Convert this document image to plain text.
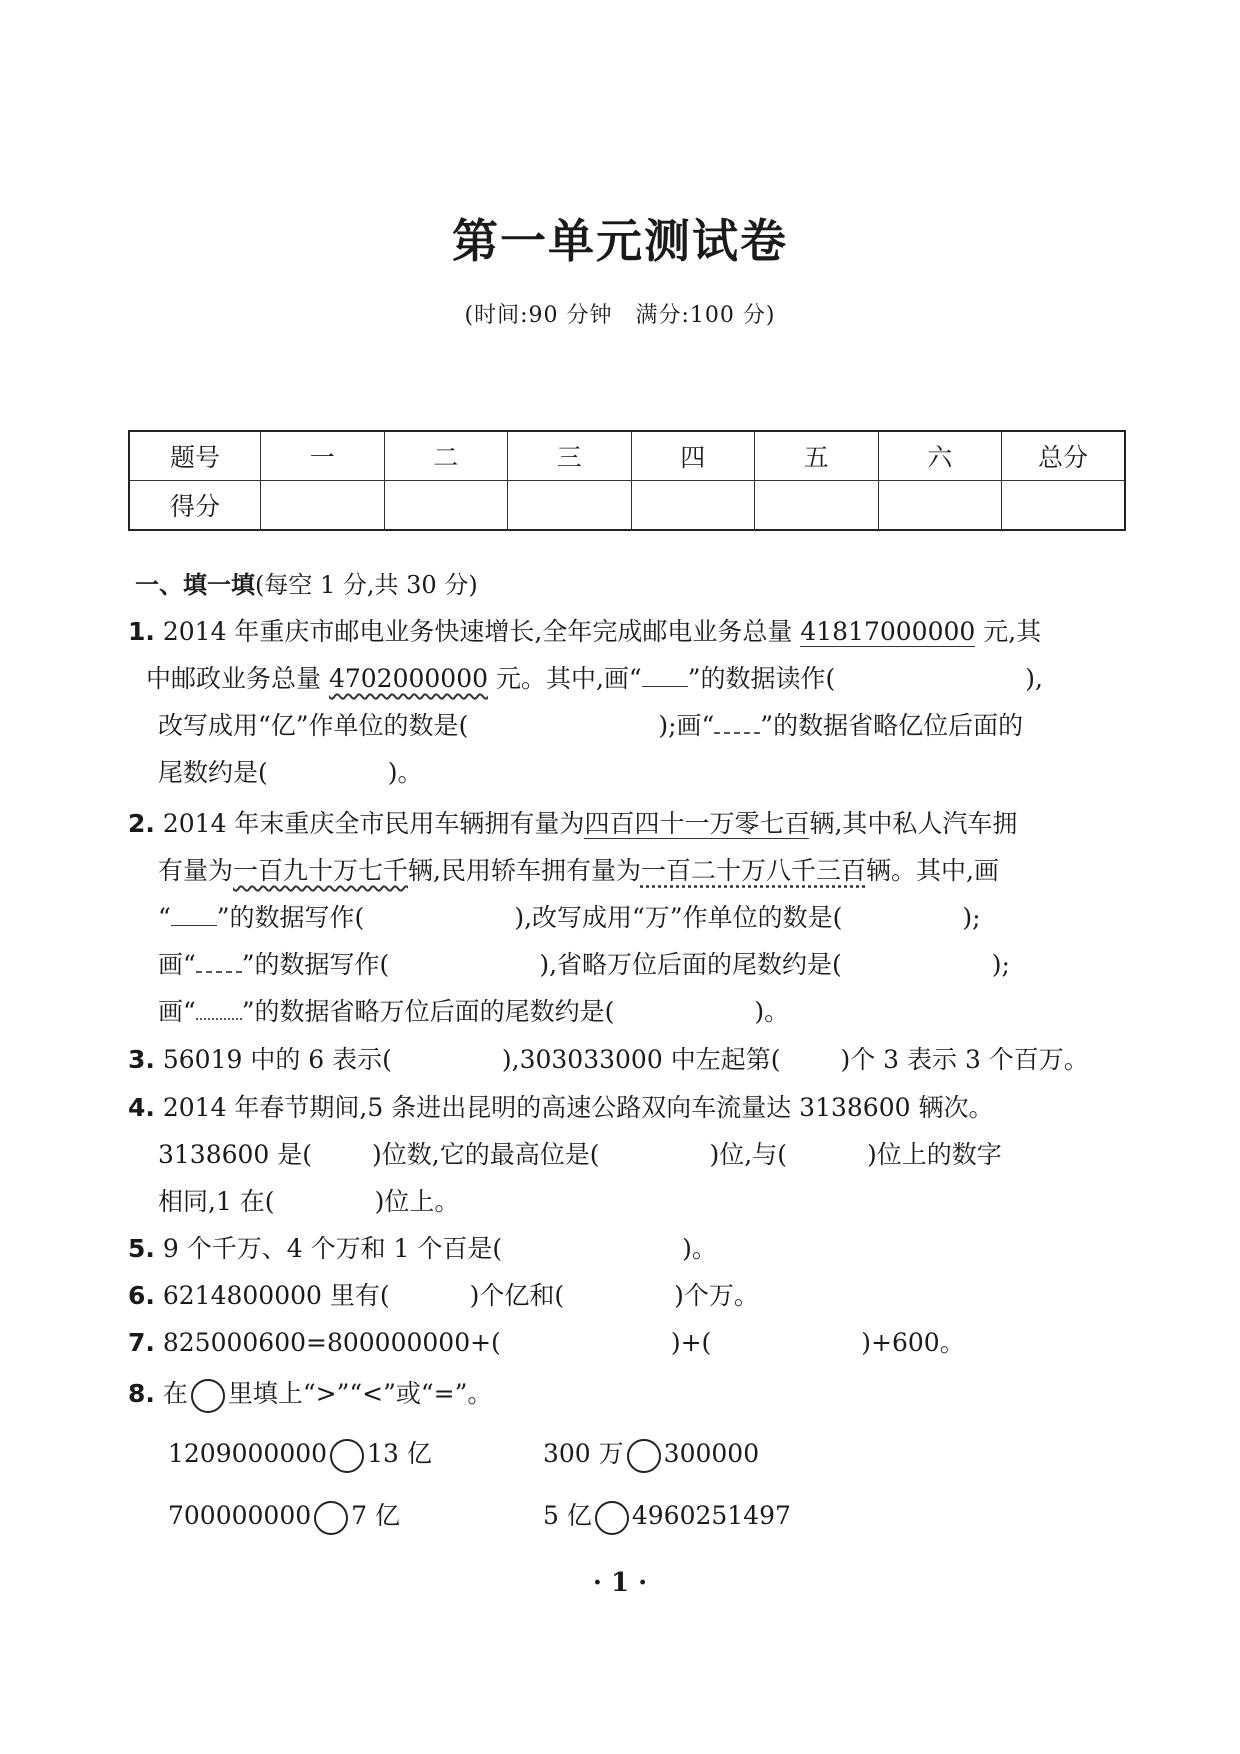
第一单元测试卷
(时间:90 分钟　满分:100 分)
题号	一	二	三	四	五	六	总分
得分							
一、填一填(每空 1 分,共 30 分)
1. 2014 年重庆市邮电业务快速增长,全年完成邮电业务总量 41817000000 元,其
中邮政业务总量 4702000000 元。其中,画“ ”的数据读作(	),
改写成用“亿”作单位的数是(	);画“ ”的数据省略亿位后面的
尾数约是(	)。
2. 2014 年末重庆全市民用车辆拥有量为四百四十一万零七百辆,其中私人汽车拥
有量为一百九十万七千辆,民用轿车拥有量为一百二十万八千三百辆。其中,画
“ ”的数据写作(	),改写成用“万”作单位的数是(	);
画“ ”的数据写作(	),省略万位后面的尾数约是(	);
画“ ”的数据省略万位后面的尾数约是(	)。
3. 56019 中的 6 表示(	),303033000 中左起第( )个 3 表示 3 个百万。
4. 2014 年春节期间,5 条进出昆明的高速公路双向车流量达 3138600 辆次。
3138600 是( )位数,它的最高位是(	)位,与(	)位上的数字
相同,1 在(	)位上。
5. 9 个千万、4 个万和 1 个百是(	)。
6. 6214800000 里有(	)个亿和(	)个万。
7. 825000600=800000000+(	)+(	)+600。
8. 在 里填上“>”“<”或“=”。
1209000000 13 亿	300 万 300000
700000000 7 亿	5 亿 4960251497
· 1 ·
